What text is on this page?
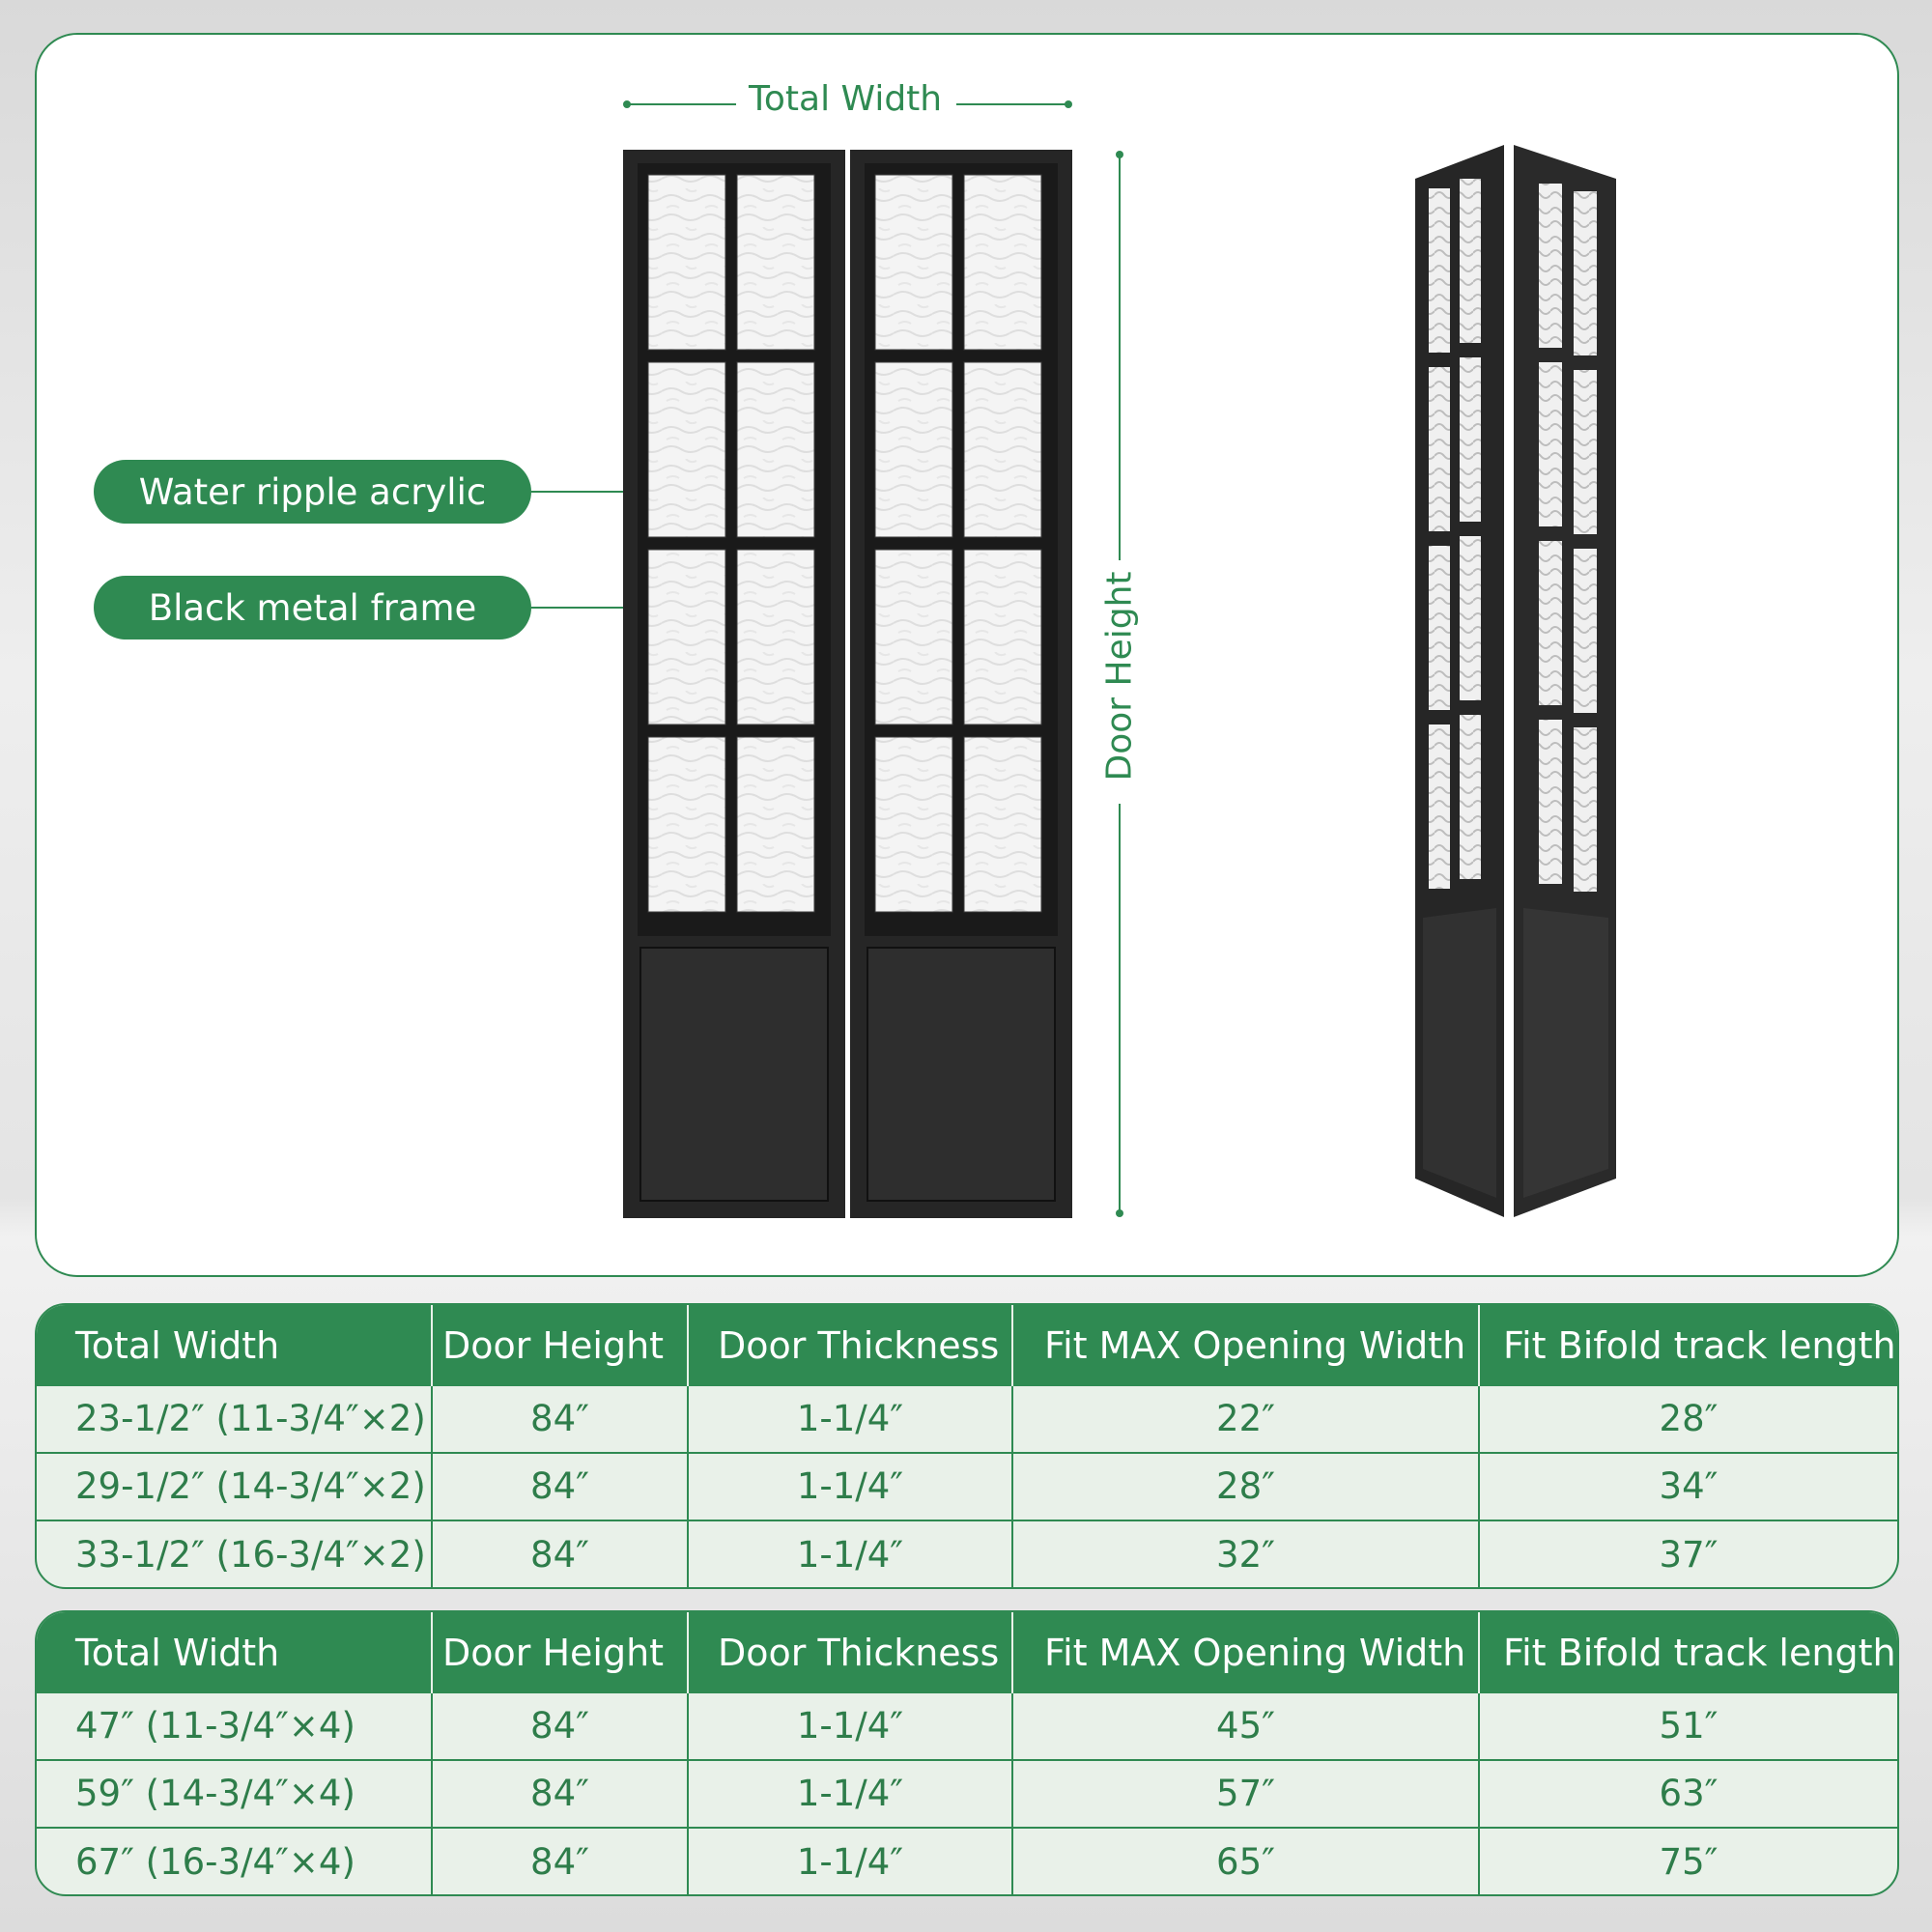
Total Width
Door Height
Water ripple acrylic
Black metal frame
Total Width	Door Height	Door Thickness	Fit MAX Opening Width	Fit Bifold track length
23-1/2″ (11-3/4″×2)	84″	1-1/4″	22″	28″
29-1/2″ (14-3/4″×2)	84″	1-1/4″	28″	34″
33-1/2″ (16-3/4″×2)	84″	1-1/4″	32″	37″
Total Width	Door Height	Door Thickness	Fit MAX Opening Width	Fit Bifold track length
47″ (11-3/4″×4)	84″	1-1/4″	45″	51″
59″ (14-3/4″×4)	84″	1-1/4″	57″	63″
67″ (16-3/4″×4)	84″	1-1/4″	65″	75″
